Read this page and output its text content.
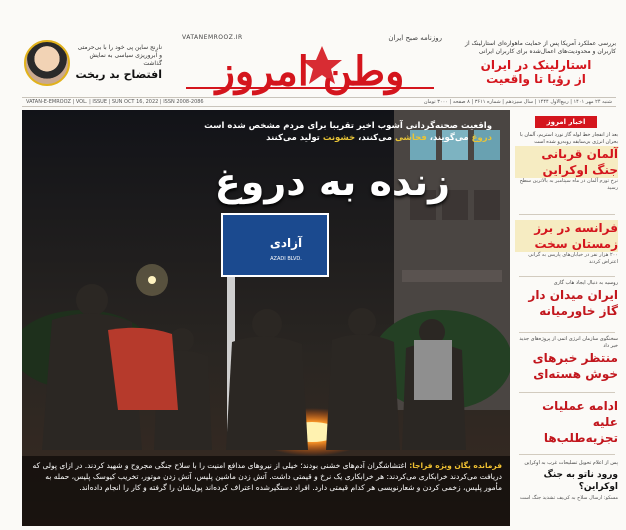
نارنج ساین پی خود را با بی‌حرمتی و آبروریزی سیاسی به نمایش گذاشت
افتضاح بد ریخت
VATANEMROOZ.IR	روزنامه صبح ایران
وطن امروز
بررسی عملکرد آمریکا پس از حمایت ماهواره‌ای استارلینک از کاربران و محدودیت‌های اعمال‌شده برای کاربران ایرانی
استارلینک در ایران
از رؤیا تا واقعیت
شنبه ۲۴ مهر ۱۴۰۱ | ربیع‌الاول ۱۴۴۴ | سال سیزدهم | شماره ۳۶۱۱ | ۸ صفحه | ۳۰۰۰ تومان
VATAN-E-EMROOZ | VOL. | ISSUE | SUN OCT 16, 2022 | ISSN 2008-2086
واقعیت صحنه‌گردانی آشوب اخیر تقریبا برای مردم مشخص شده است
دروغ می‌گویند، فحاشی می‌کنند، خشونت تولید می‌کنند
زنده به دروغ
آزادی
AZADI BLVD.

فرمانده یگان ویژه فراجا: اغتشاشگران آدم‌های خشنی بودند؛ خیلی از نیروهای مدافع امنیت را با سلاح جنگی مجروح و شهید کردند. در ازای پولی که دریافت می‌کردند خرابکاری می‌کردند: هر خرابکاری یک نرخ و قیمتی داشت. آتش زدن ماشین پلیس، آتش زدن موتور، تخریب کیوسک پلیس، حمله به مأمور پلیس، زخمی کردن و شعارنویسی هر کدام قیمتی دارد. افراد دستگیرشده اعتراف کرده‌اند پول‌شان را گرفته و کار را انجام داده‌اند.

اخبار امروز
بعد از انفجار خط لوله گاز نورد استریم، آلمان با بحران انرژی بی‌سابقه روبه‌رو شده است
آلمان قربانی جنگ اوکراین
نرخ تورم آلمان در ماه سپتامبر به بالاترین سطح رسید
فرانسه در برز زمستان سخت
۲۰۰ هزار نفر در خیابان‌های پاریس به گرانی اعتراض کردند
روسیه به دنبال ایجاد هاب گازی
ایران میدان دار گاز خاورمیانه
سخنگوی سازمان انرژی اتمی از پروژه‌های جدید خبر داد
منتظر خبرهای خوش هسته‌ای
ادامه عملیات علیه تجزیه‌طلب‌ها
پس از اعلام تحویل تسلیحات غرب به اوکراین
ورود ناتو به جنگ اوکراین؟
مسکو: ارسال سلاح به کی‌یف تشدید جنگ است
